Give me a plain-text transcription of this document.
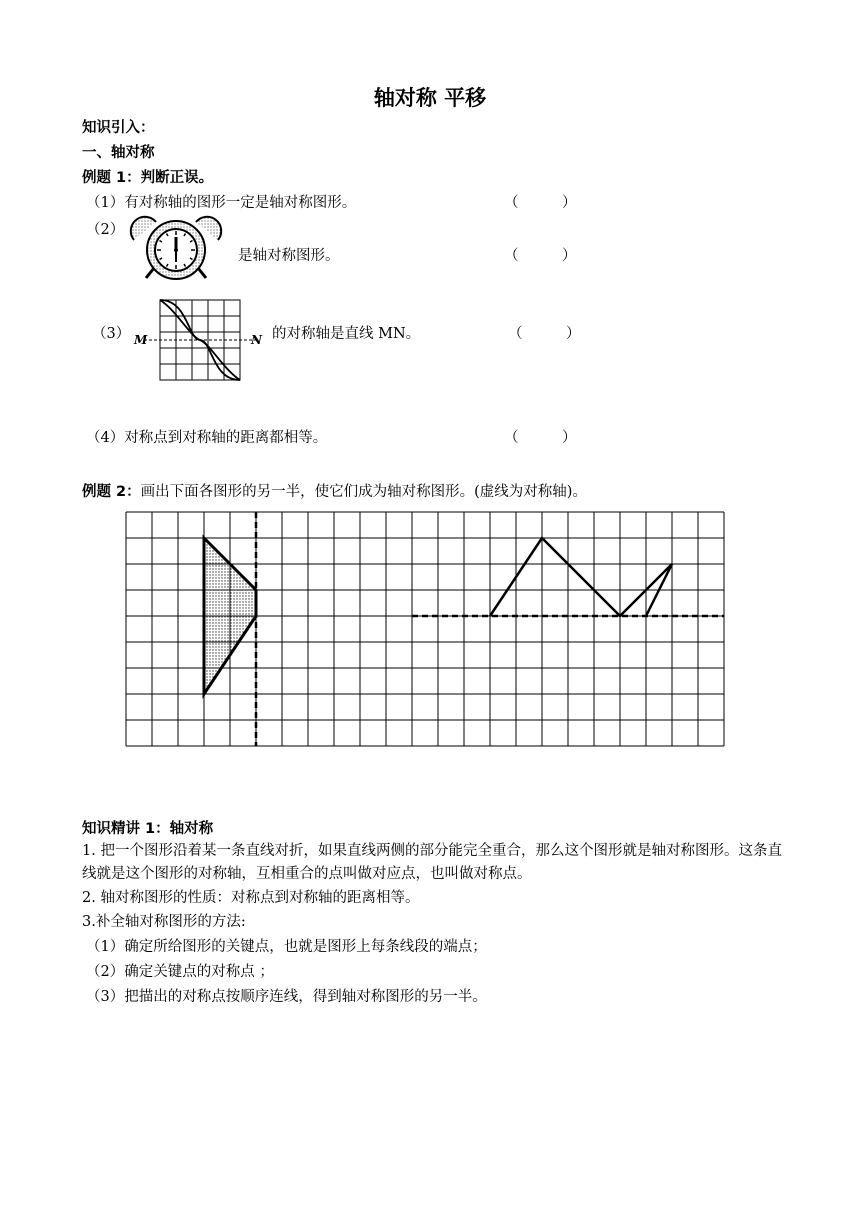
轴对称 平移
知识引入：
一、轴对称
例题 1：判断正误。
（1）有对称轴的图形一定是轴对称图形。	（　　　）
（2）
是轴对称图形。	（　　　）
（3） M	N 的对称轴是直线 MN。	（　　　）
（4）对称点到对称轴的距离都相等。	（　　　）
例题 2：画出下面各图形的另一半，使它们成为轴对称图形。(虚线为对称轴)。
知识精讲 1：轴对称
1. 把一个图形沿着某一条直线对折，如果直线两侧的部分能完全重合，那么这个图形就是轴对称图形。这条直线就是这个图形的对称轴，互相重合的点叫做对应点，也叫做对称点。
2. 轴对称图形的性质：对称点到对称轴的距离相等。
3.补全轴对称图形的方法:
（1）确定所给图形的关键点，也就是图形上每条线段的端点；
（2）确定关键点的对称点 ；
（3）把描出的对称点按顺序连线，得到轴对称图形的另一半。
